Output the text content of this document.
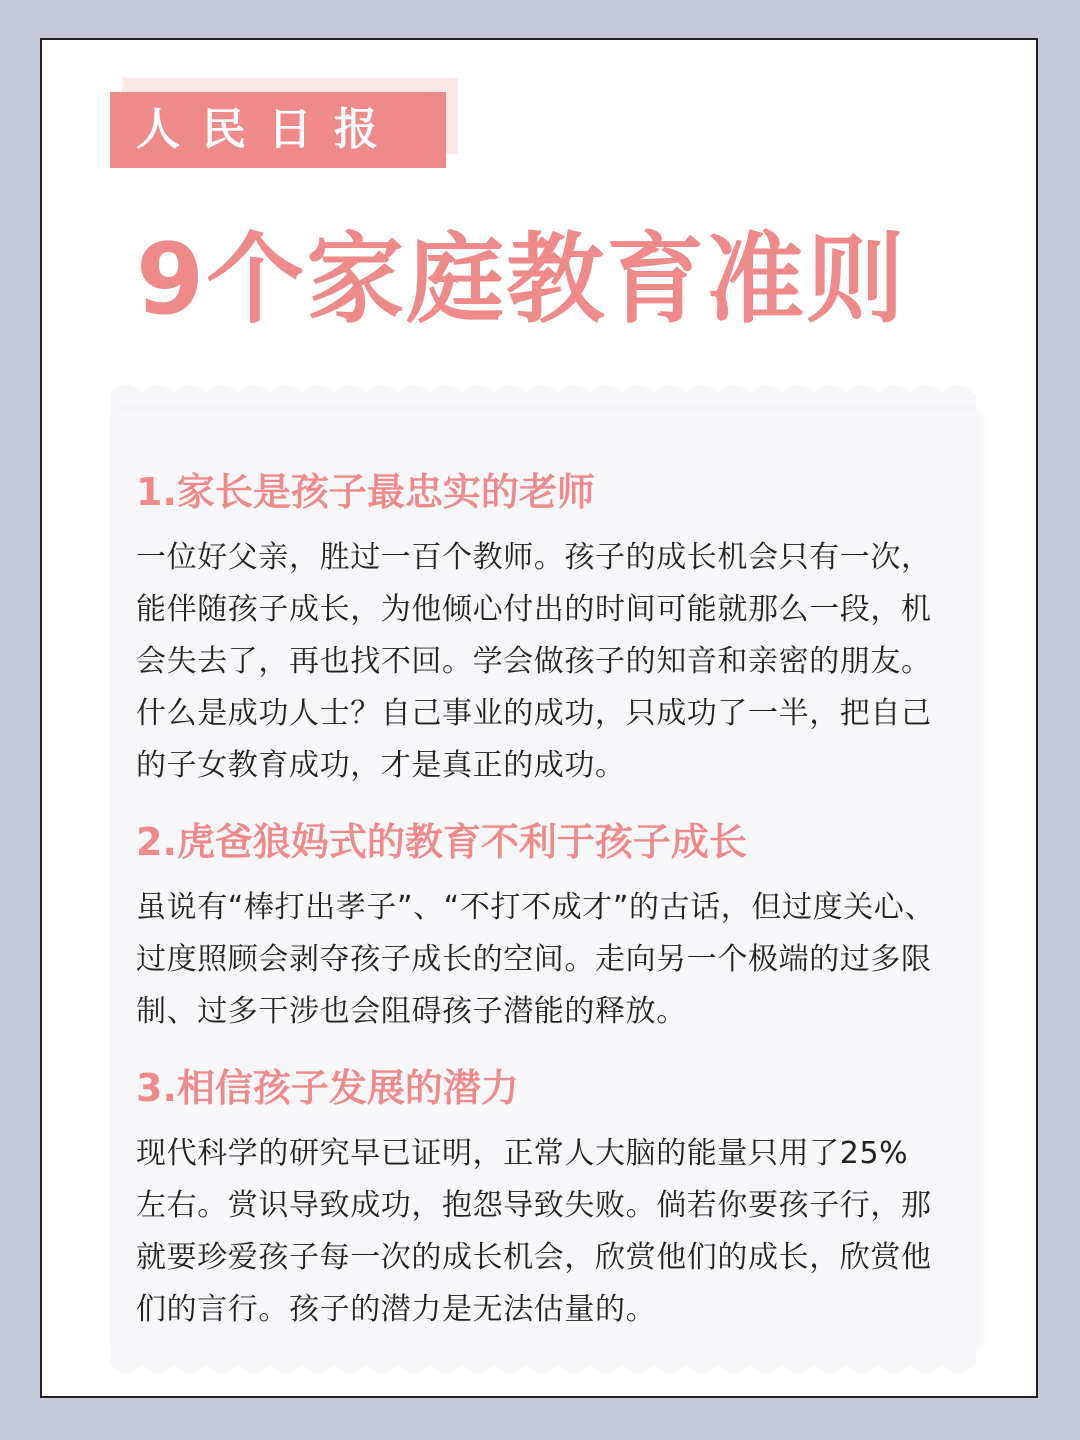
人民日报
9个家庭教育准则
1.家长是孩子最忠实的老师

一位好父亲，胜过一百个教师。孩子的成长机会只有一次，能伴随孩子成长，为他倾心付出的时间可能就那么一段，机会失去了，再也找不回。学会做孩子的知音和亲密的朋友。

什么是成功人士？自己事业的成功，只成功了一半，把自己的子女教育成功，才是真正的成功。

2.虎爸狼妈式的教育不利于孩子成长

虽说有“棒打出孝子”、“不打不成才”的古话，但过度关心、过度照顾会剥夺孩子成长的空间。走向另一个极端的过多限制、过多干涉也会阻碍孩子潜能的释放。

3.相信孩子发展的潜力

现代科学的研究早已证明，正常人大脑的能量只用了25% 左右。赏识导致成功，抱怨导致失败。倘若你要孩子行，那就要珍爱孩子每一次的成长机会，欣赏他们的成长，欣赏他们的言行。孩子的潜力是无法估量的。
